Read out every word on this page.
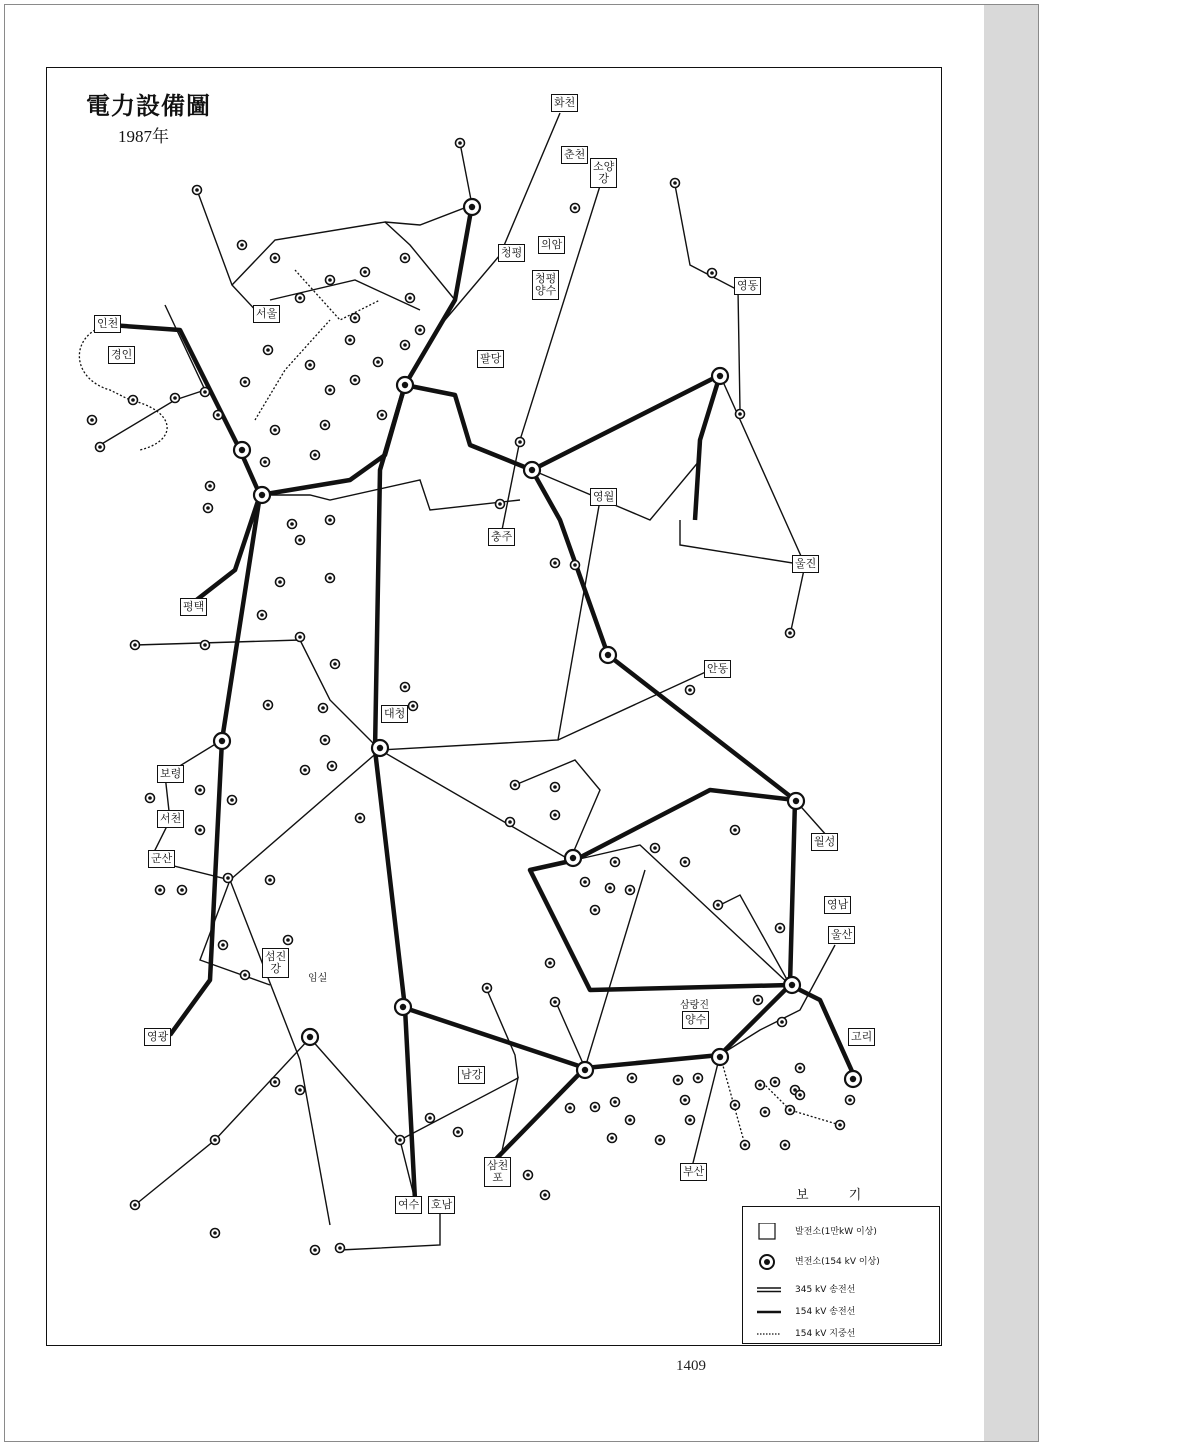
電力設備圖
1987年
화천
춘천
소양
강
청평
의암
청평
양수
인천
경인
서울
팔당
영동
충주
영월
울진
평택
안동
대청
보령
서천
군산
월성
영남
울산
섬진
강
임실
영광
삼랑진
양수
고리
남강
삼천
포	부산
여수 호남
보 기
발전소(1만kW 이상)
변전소(154 kV 이상)
345 kV 송전선
154 kV 송전선
154 kV 지중선
1409
